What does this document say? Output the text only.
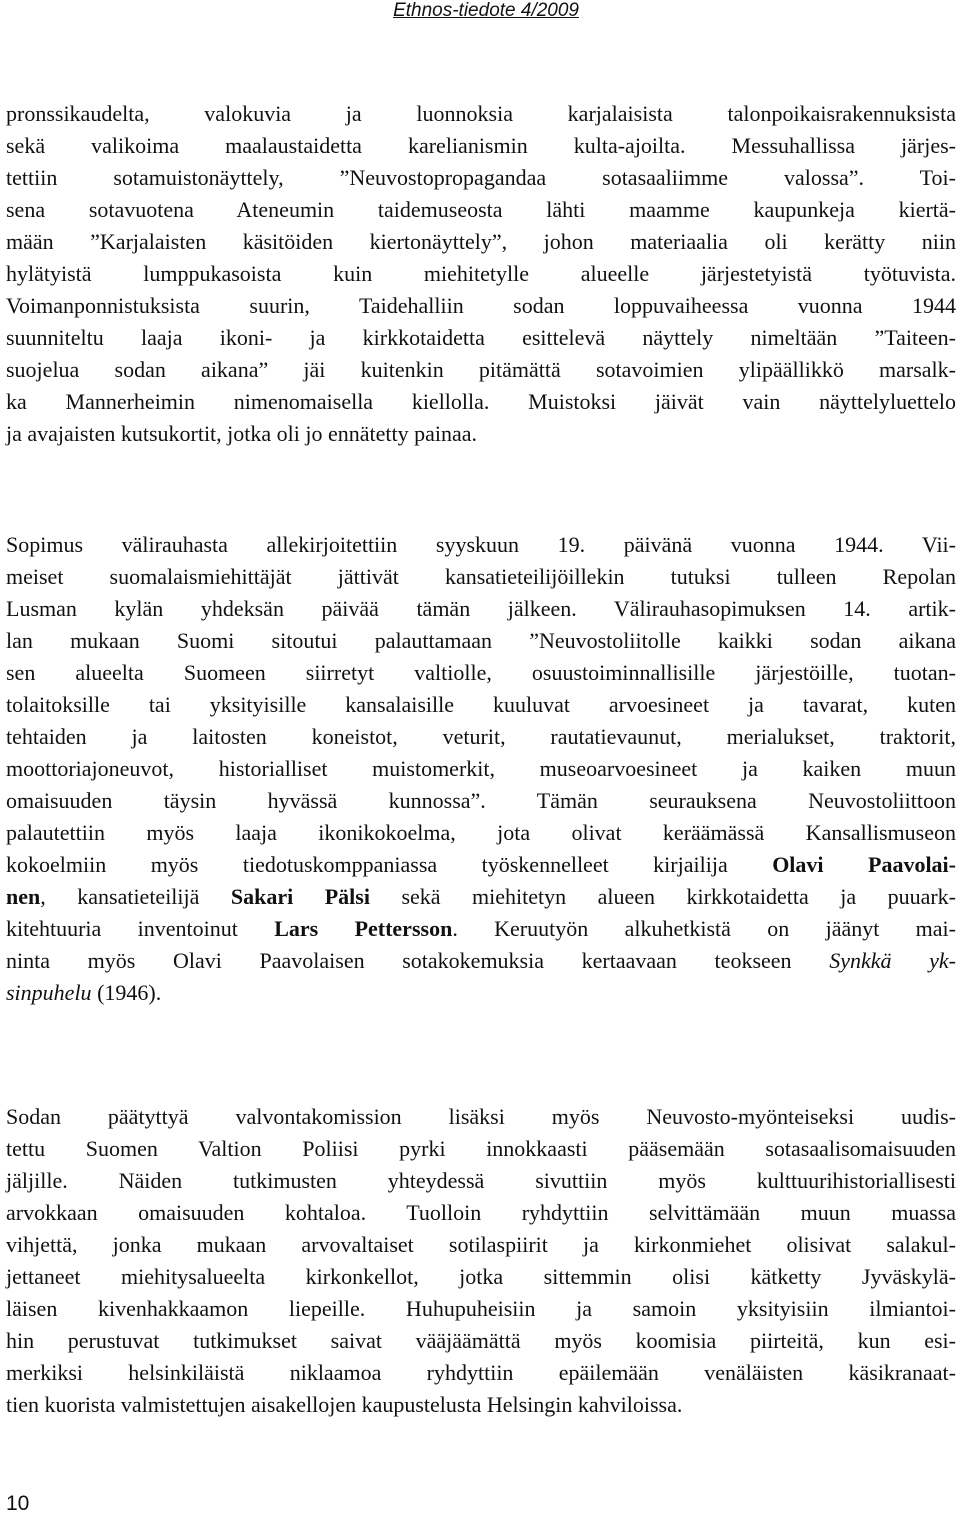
Ethnos-tiedote 4/2009
pronssikaudelta, valokuvia ja luonnoksia karjalaisista talonpoikaisrakennuksista
sekä valikoima maalaustaidetta karelianismin kulta-ajoilta. Messuhallissa järjes-
tettiin sotamuistonäyttely, ”Neuvostopropagandaa sotasaaliimme valossa”. Toi-
sena sotavuotena Ateneumin taidemuseosta lähti maamme kaupunkeja kiertä-
mään ”Karjalaisten käsitöiden kiertonäyttely”, johon materiaalia oli kerätty niin
hylätyistä lumppukasoista kuin miehitetylle alueelle järjestetyistä työtuvista.
Voimanponnistuksista suurin, Taidehalliin sodan loppuvaiheessa vuonna 1944
suunniteltu laaja ikoni- ja kirkkotaidetta esittelevä näyttely nimeltään ”Taiteen-
suojelua sodan aikana” jäi kuitenkin pitämättä sotavoimien ylipäällikkö marsalk-
ka Mannerheimin nimenomaisella kiellolla. Muistoksi jäivät vain näyttelyluettelo
ja avajaisten kutsukortit, jotka oli jo ennätetty painaa.
Sopimus välirauhasta allekirjoitettiin syyskuun 19. päivänä vuonna 1944. Vii-
meiset suomalaismiehittäjät jättivät kansatieteilijöillekin tutuksi tulleen Repolan
Lusman kylän yhdeksän päivää tämän jälkeen. Välirauhasopimuksen 14. artik-
lan mukaan Suomi sitoutui palauttamaan ”Neuvostoliitolle kaikki sodan aikana
sen alueelta Suomeen siirretyt valtiolle, osuustoiminnallisille järjestöille, tuotan-
tolaitoksille tai yksityisille kansalaisille kuuluvat arvoesineet ja tavarat, kuten
tehtaiden ja laitosten koneistot, veturit, rautatievaunut, merialukset, traktorit,
moottoriajoneuvot, historialliset muistomerkit, museoarvoesineet ja kaiken muun
omaisuuden täysin hyvässä kunnossa”. Tämän seurauksena Neuvostoliittoon
palautettiin myös laaja ikonikokoelma, jota olivat keräämässä Kansallismuseon
kokoelmiin myös tiedotuskomppaniassa työskennelleet kirjailija Olavi Paavolai-
nen, kansatieteilijä Sakari Pälsi sekä miehitetyn alueen kirkkotaidetta ja puuark-
kitehtuuria inventoinut Lars Pettersson. Keruutyön alkuhetkistä on jäänyt mai-
ninta myös Olavi Paavolaisen sotakokemuksia kertaavaan teokseen Synkkä yk-
sinpuhelu (1946).
Sodan päätyttyä valvontakomission lisäksi myös Neuvosto-myönteiseksi uudis-
tettu Suomen Valtion Poliisi pyrki innokkaasti pääsemään sotasaalisomaisuuden
jäljille. Näiden tutkimusten yhteydessä sivuttiin myös kulttuurihistoriallisesti
arvokkaan omaisuuden kohtaloa. Tuolloin ryhdyttiin selvittämään muun muassa
vihjettä, jonka mukaan arvovaltaiset sotilaspiirit ja kirkonmiehet olisivat salakul-
jettaneet miehitysalueelta kirkonkellot, jotka sittemmin olisi kätketty Jyväskylä-
läisen kivenhakkaamon liepeille. Huhupuheisiin ja samoin yksityisiin ilmiantoi-
hin perustuvat tutkimukset saivat vääjäämättä myös koomisia piirteitä, kun esi-
merkiksi helsinkiläistä niklaamoa ryhdyttiin epäilemään venäläisten käsikranaat-
tien kuorista valmistettujen aisakellojen kaupustelusta Helsingin kahviloissa.
10
